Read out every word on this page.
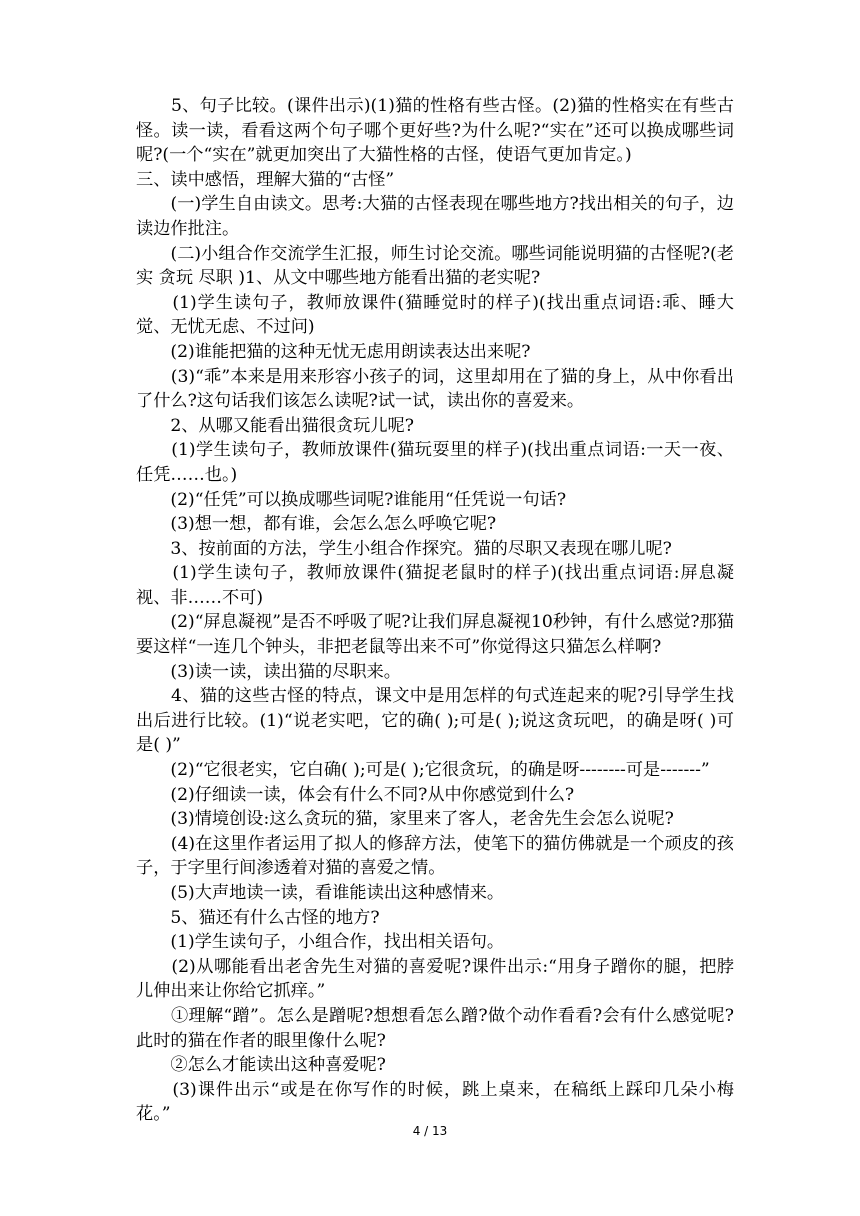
　　5、句子比较。(课件出示)(1)猫的性格有些古怪。(2)猫的性格实在有些古怪。读一读，看看这两个句子哪个更好些?为什么呢?“实在”还可以换成哪些词呢?(一个“实在”就更加突出了大猫性格的古怪，使语气更加肯定。)

三、读中感悟，理解大猫的“古怪”

　　(一)学生自由读文。思考:大猫的古怪表现在哪些地方?找出相关的句子，边读边作批注。

　　(二)小组合作交流学生汇报，师生讨论交流。哪些词能说明猫的古怪呢?(老实 贪玩 尽职 )1、从文中哪些地方能看出猫的老实呢?

　　(1)学生读句子，教师放课件(猫睡觉时的样子)(找出重点词语:乖、睡大觉、无忧无虑、不过问)

　　(2)谁能把猫的这种无忧无虑用朗读表达出来呢?

　　(3)“乖”本来是用来形容小孩子的词，这里却用在了猫的身上，从中你看出了什么?这句话我们该怎么读呢?试一试，读出你的喜爱来。

　　2、从哪又能看出猫很贪玩儿呢?

　　(1)学生读句子，教师放课件(猫玩耍里的样子)(找出重点词语:一天一夜、任凭……也。)

　　(2)“任凭”可以换成哪些词呢?谁能用“任凭说一句话?

　　(3)想一想，都有谁，会怎么怎么呼唤它呢?

　　3、按前面的方法，学生小组合作探究。猫的尽职又表现在哪儿呢?

　　(1)学生读句子，教师放课件(猫捉老鼠时的样子)(找出重点词语:屏息凝视、非……不可)

　　(2)“屏息凝视”是否不呼吸了呢?让我们屏息凝视10秒钟，有什么感觉?那猫要这样“一连几个钟头，非把老鼠等出来不可”你觉得这只猫怎么样啊?

　　(3)读一读，读出猫的尽职来。

　　4、猫的这些古怪的特点，课文中是用怎样的句式连起来的呢?引导学生找出后进行比较。(1)“说老实吧，它的确( );可是( );说这贪玩吧，的确是呀( )可是( )”

　　(2)“它很老实，它白确( );可是( );它很贪玩，的确是呀--------可是-------”

　　(2)仔细读一读，体会有什么不同?从中你感觉到什么?

　　(3)情境创设:这么贪玩的猫，家里来了客人，老舍先生会怎么说呢?

　　(4)在这里作者运用了拟人的修辞方法，使笔下的猫仿佛就是一个顽皮的孩子，于字里行间渗透着对猫的喜爱之情。

　　(5)大声地读一读，看谁能读出这种感情来。

　　5、猫还有什么古怪的地方?

　　(1)学生读句子，小组合作，找出相关语句。

　　(2)从哪能看出老舍先生对猫的喜爱呢?课件出示:“用身子蹭你的腿，把脖儿伸出来让你给它抓痒。”

　　①理解“蹭”。怎么是蹭呢?想想看怎么蹭?做个动作看看?会有什么感觉呢?此时的猫在作者的眼里像什么呢?

　　②怎么才能读出这种喜爱呢?

　　(3)课件出示“或是在你写作的时候，跳上桌来，在稿纸上踩印几朵小梅花。”

4 / 13
